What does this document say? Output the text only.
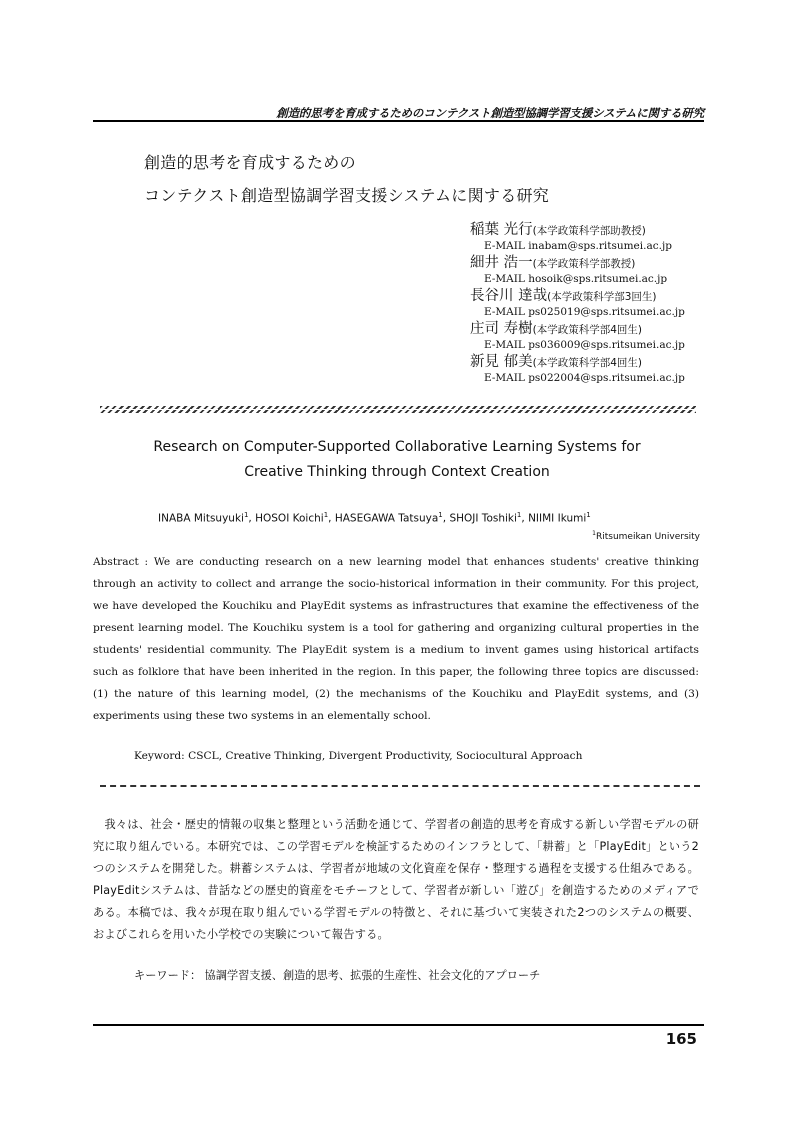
創造的思考を育成するためのコンテクスト創造型協調学習支援システムに関する研究
創造的思考を育成するための
コンテクスト創造型協調学習支援システムに関する研究
稲葉 光行(本学政策科学部助教授)
E-MAIL inabam@sps.ritsumei.ac.jp
細井 浩一(本学政策科学部教授)
E-MAIL hosoik@sps.ritsumei.ac.jp
長谷川 達哉(本学政策科学部3回生)
E-MAIL ps025019@sps.ritsumei.ac.jp
庄司 寿樹(本学政策科学部4回生)
E-MAIL ps036009@sps.ritsumei.ac.jp
新見 郁美(本学政策科学部4回生)
E-MAIL ps022004@sps.ritsumei.ac.jp
Research on Computer-Supported Collaborative Learning Systems for
Creative Thinking through Context Creation
INABA Mitsuyuki$^1$, HOSOI Koichi$^1$, HASEGAWA Tatsuya$^1$, SHOJI Toshiki$^1$, NIIMI Ikumi$^1$
$^1$Ritsumeikan University

Abstract : We are conducting research on a new learning model that enhances students' creative thinking through an activity to collect and arrange the socio-historical information in their community. For this project, we have developed the Kouchiku and PlayEdit systems as infrastructures that examine the effectiveness of the present learning model. The Kouchiku system is a tool for gathering and organizing cultural properties in the students' residential community. The PlayEdit system is a medium to invent games using historical artifacts such as folklore that have been inherited in the region. In this paper, the following three topics are discussed: (1) the nature of this learning model, (2) the mechanisms of the Kouchiku and PlayEdit systems, and (3) experiments using these two systems in an elementally school.

Keyword: CSCL, Creative Thinking, Divergent Productivity, Sociocultural Approach

　我々は、社会・歴史的情報の収集と整理という活動を通じて、学習者の創造的思考を育成する新しい学習モデルの研究に取り組んでいる。本研究では、この学習モデルを検証するためのインフラとして、「耕蓄」と「PlayEdit」という2つのシステムを開発した。耕蓄システムは、学習者が地域の文化資産を保存・整理する過程を支援する仕組みである。PlayEditシステムは、昔話などの歴史的資産をモチーフとして、学習者が新しい「遊び」を創造するためのメディアである。本稿では、我々が現在取り組んでいる学習モデルの特徴と、それに基づいて実装された2つのシステムの概要、およびこれらを用いた小学校での実験について報告する。

キーワード： 協調学習支援、創造的思考、拡張的生産性、社会文化的アプローチ
165
